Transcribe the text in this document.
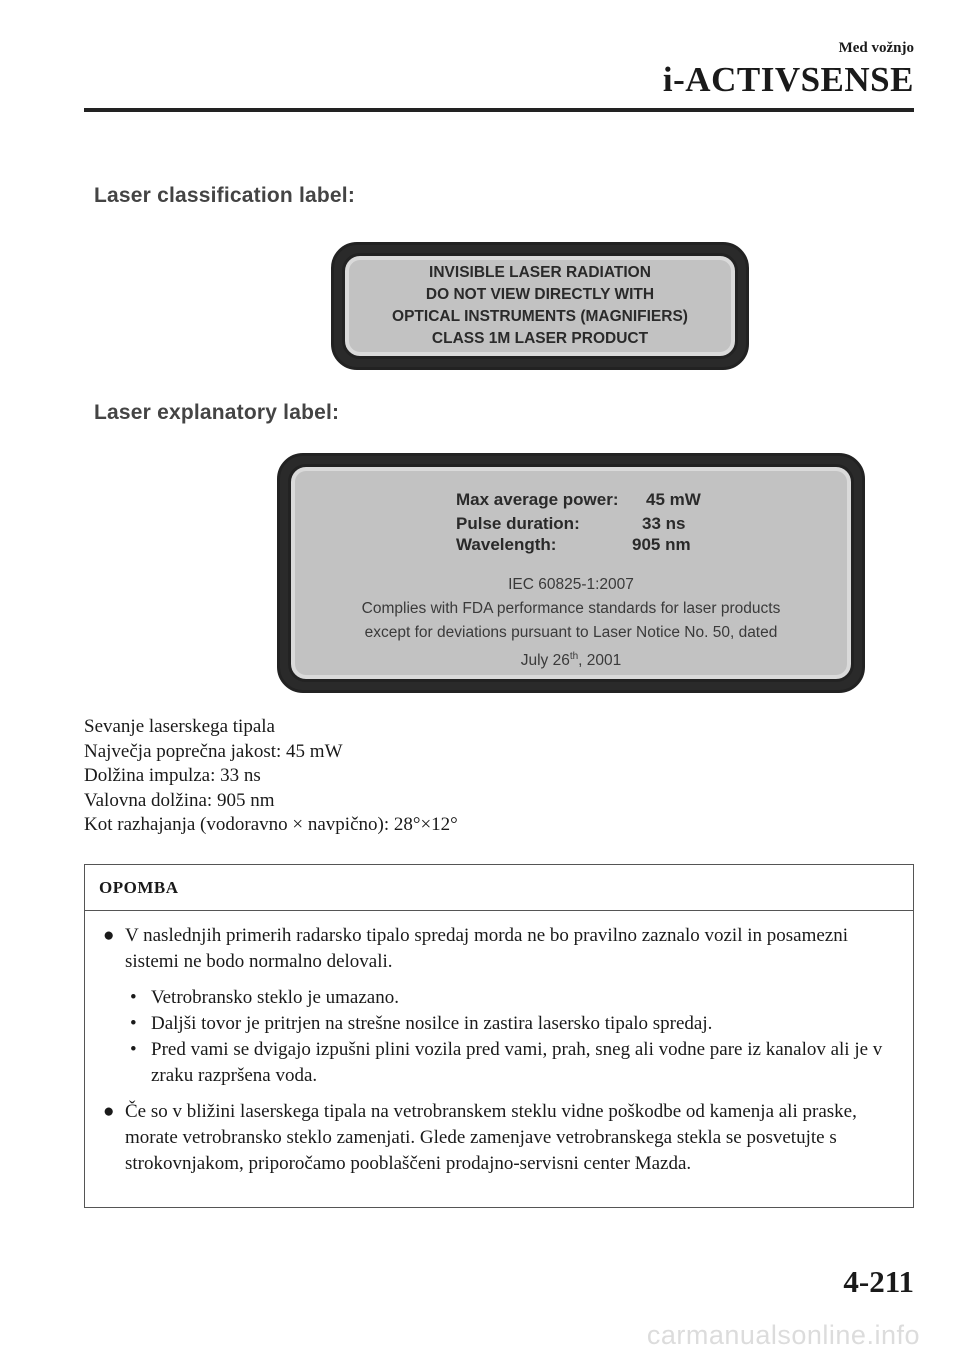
Med vožnjo
i-ACTIVSENSE
Laser classification label:
INVISIBLE LASER RADIATION
DO NOT VIEW DIRECTLY WITH
OPTICAL INSTRUMENTS (MAGNIFIERS)
CLASS 1M LASER PRODUCT
Laser explanatory label:
Max average power: 45 mW
Pulse duration:	33 ns
Wavelength:	905 nm
IEC 60825-1:2007
Complies with FDA performance standards for laser products
except for deviations pursuant to Laser Notice No. 50, dated
July 26th, 2001
Sevanje laserskega tipala
Največja poprečna jakost: 45 mW
Dolžina impulza: 33 ns
Valovna dolžina: 905 nm
Kot razhajanja (vodoravno × navpično): 28°×12°
OPOMBA
● V naslednjih primerih radarsko tipalo spredaj morda ne bo pravilno zaznalo vozil in posamezni sistemi ne bodo normalno delovali.
• Vetrobransko steklo je umazano.
• Daljši tovor je pritrjen na strešne nosilce in zastira lasersko tipalo spredaj.
• Pred vami se dvigajo izpušni plini vozila pred vami, prah, sneg ali vodne pare iz kanalov ali je v zraku razpršena voda.
● Če so v bližini laserskega tipala na vetrobranskem steklu vidne poškodbe od kamenja ali praske, morate vetrobransko steklo zamenjati. Glede zamenjave vetrobranskega stekla se posvetujte s strokovnjakom, priporočamo pooblaščeni prodajno-servisni center Mazda.
4-211
carmanualsonline.info
